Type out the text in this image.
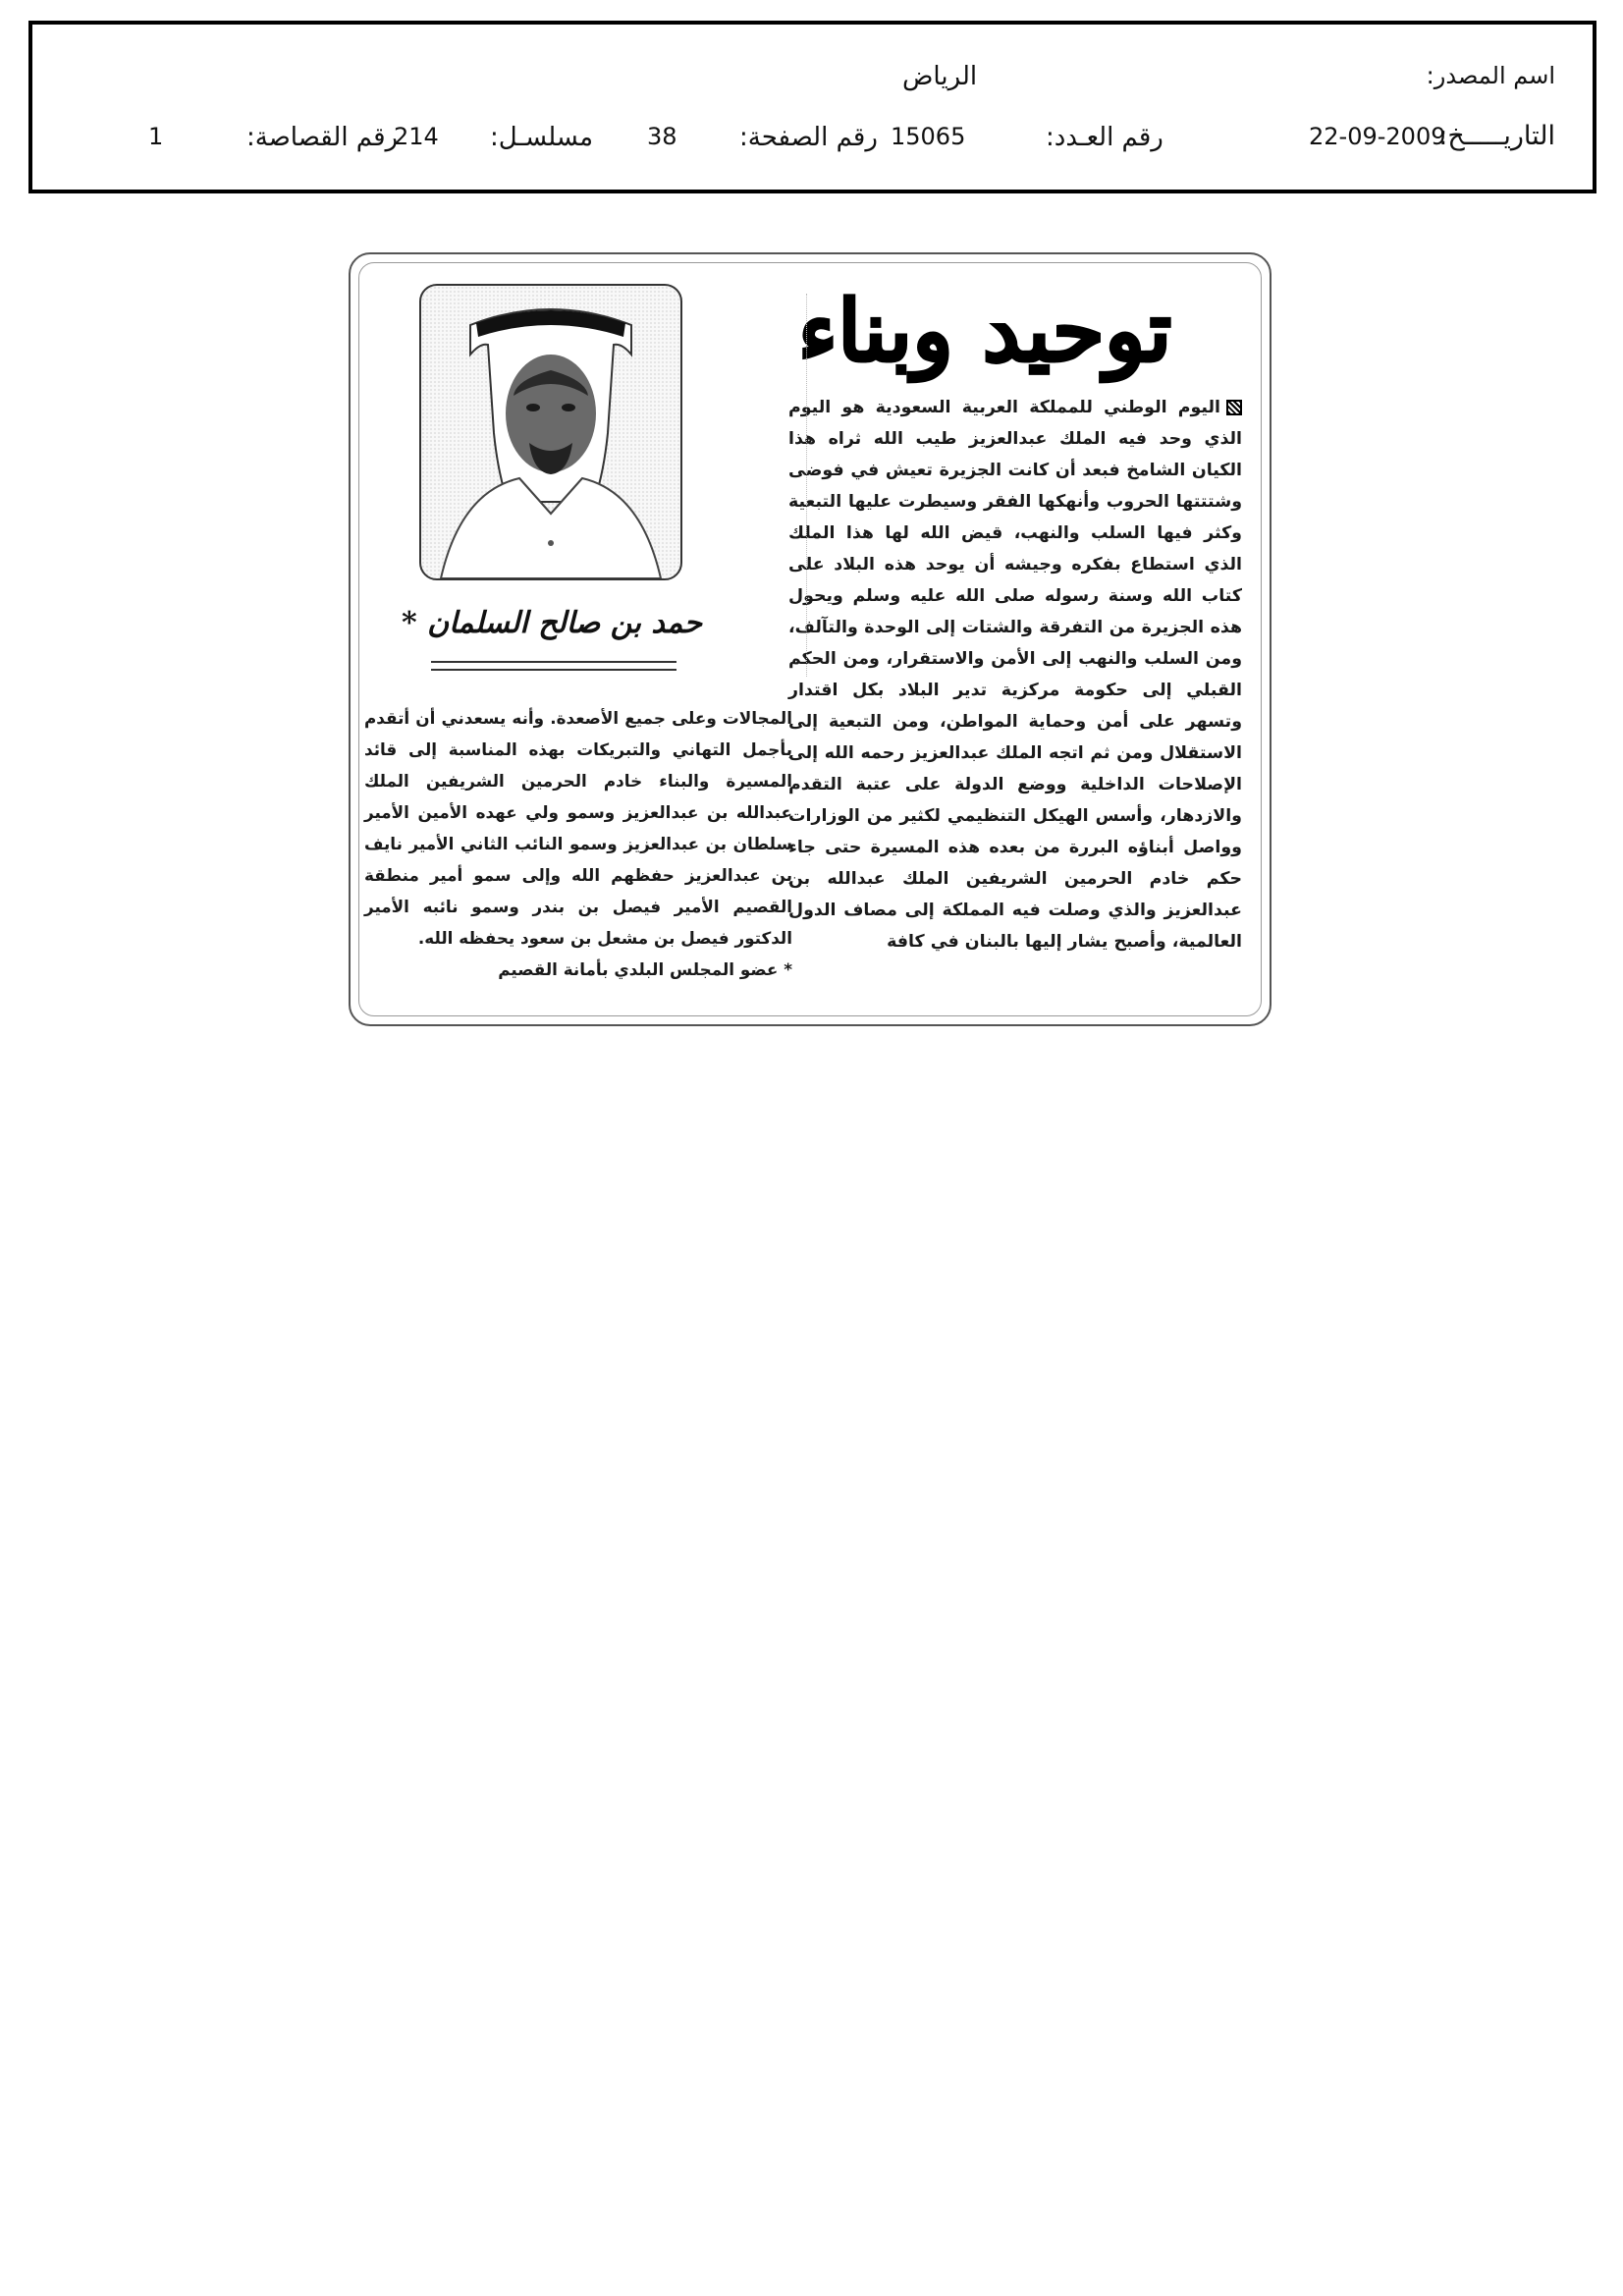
اسم المصدر:
الرياض
التاريـــــخ:
22-09-2009
رقم العـدد:
15065
رقم الصفحة:
38
مسلسـل:
214
رقم القصاصة:
1
توحيد وبناء

اليوم الوطني للمملكة العربية السعودية هو اليوم الذي وحد فيه الملك عبدالعزيز طيب الله ثراه هذا الكيان الشامخ فبعد أن كانت الجزيرة تعيش في فوضى وشتتتها الحروب وأنهكها الفقر وسيطرت عليها التبعية وكثر فيها السلب والنهب، قيض الله لها هذا الملك الذي استطاع بفكره وجيشه أن يوحد هذه البلاد على كتاب الله وسنة رسوله صلى الله عليه وسلم ويحول هذه الجزيرة من التفرقة والشتات إلى الوحدة والتآلف، ومن السلب والنهب إلى الأمن والاستقرار، ومن الحكم القبلي إلى حكومة مركزية تدير البلاد بكل اقتدار وتسهر على أمن وحماية المواطن، ومن التبعية إلى الاستقلال ومن ثم اتجه الملك عبدالعزيز رحمه الله إلى الإصلاحات الداخلية ووضع الدولة على عتبة التقدم والازدهار، وأسس الهيكل التنظيمي لكثير من الوزارات وواصل أبناؤه البررة من بعده هذه المسيرة حتى جاء حكم خادم الحرمين الشريفين الملك عبدالله بن عبدالعزيز والذي وصلت فيه المملكة إلى مصاف الدول العالمية، وأصبح يشار إليها بالبنان في كافة

حمد بن صالح السلمان *

المجالات وعلى جميع الأصعدة. وأنه يسعدني أن أتقدم بأجمل التهاني والتبريكات بهذه المناسبة إلى قائد المسيرة والبناء خادم الحرمين الشريفين الملك عبدالله بن عبدالعزيز وسمو ولي عهده الأمين الأمير سلطان بن عبدالعزيز وسمو النائب الثاني الأمير نايف بن عبدالعزيز حفظهم الله وإلى سمو أمير منطقة القصيم الأمير فيصل بن بندر وسمو نائبه الأمير الدكتور فيصل بن مشعل بن سعود يحفظه الله.

* عضو المجلس البلدي بأمانة القصيم
